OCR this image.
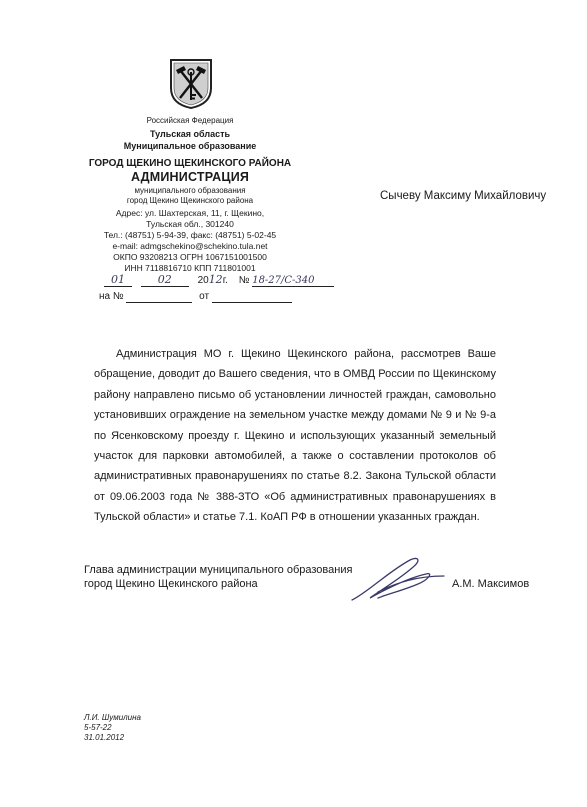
Российская Федерация
Тульская область
Муниципальное образование
ГОРОД ЩЕКИНО ЩЕКИНСКОГО РАЙОНА
АДМИНИСТРАЦИЯ
муниципального образования
город Щекино Щекинского района
Адрес: ул. Шахтерская, 11, г. Щекино,
Тульская обл., 301240
Тел.: (48751) 5-94-39, факс: (48751) 5-02-45
e-mail: admgschekino@schekino.tula.net
ОКПО 93208213 ОГРН 1067151001500
ИНН 7118816710 КПП 711801001
01	02	2012г. № 18-27/С-340
на №	от
Сычеву Максиму Михайловичу

Администрация МО г. Щекино Щекинского района, рассмотрев Ваше обращение, доводит до Вашего сведения, что в ОМВД России по Щекинскому району направлено письмо об установлении личностей граждан, самовольно установивших ограждение на земельном участке между домами № 9 и № 9-а по Ясенковскому проезду г. Щекино и использующих указанный земельный участок для парковки автомобилей, а также о составлении протоколов об административных правонарушениях по статье 8.2. Закона Тульской области от 09.06.2003 года № 388-ЗТО «Об административных правонарушениях в Тульской области» и статье 7.1. КоАП РФ в отношении указанных граждан.

Глава администрации муниципального образования
город Щекино Щекинского района	А.М. Максимов
Л.И. Шумилина
5-57-22
31.01.2012
